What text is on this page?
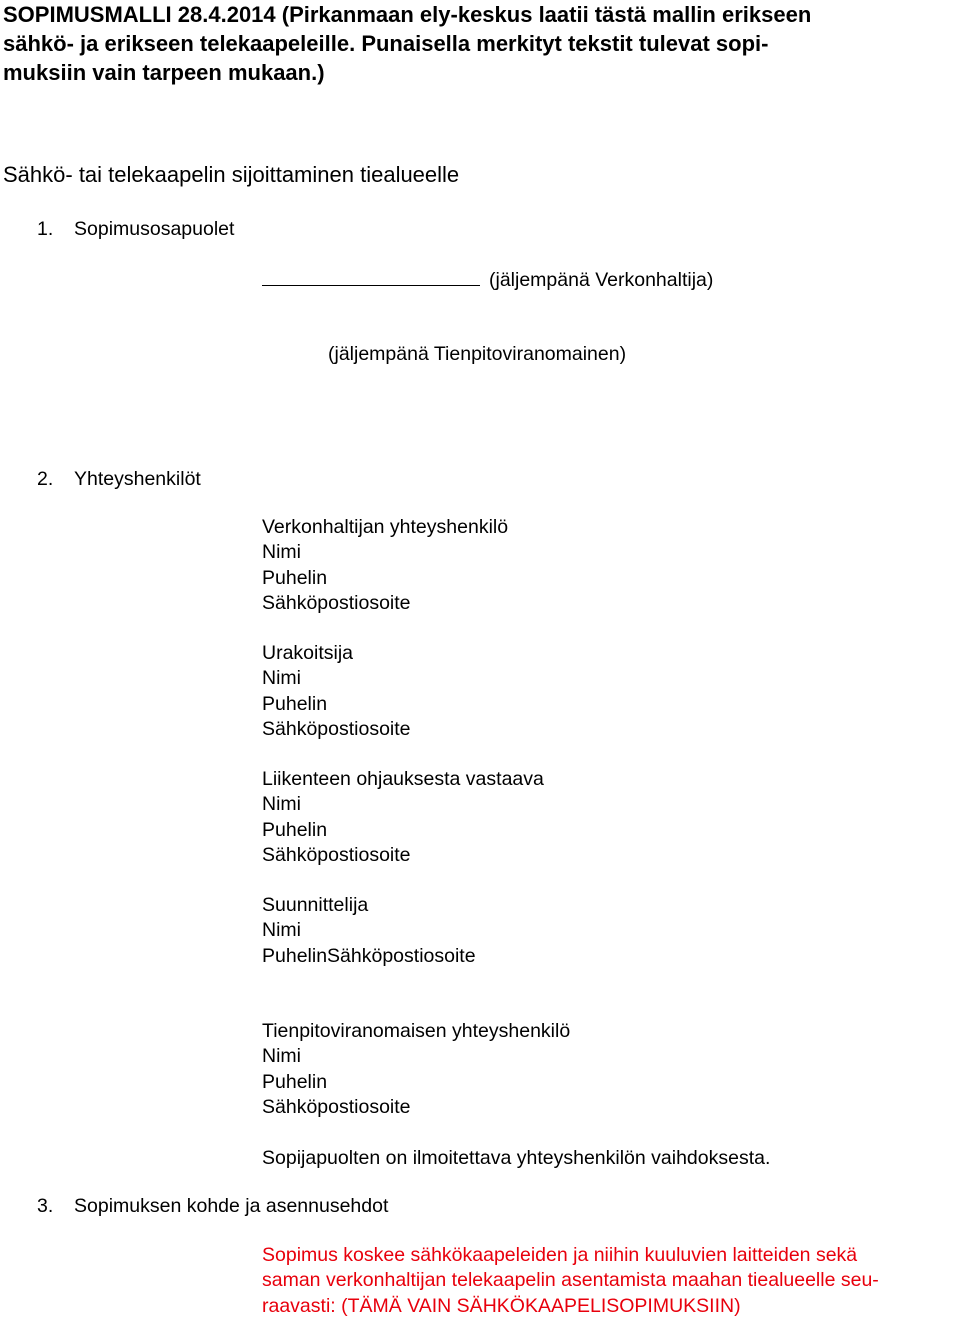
SOPIMUSMALLI 28.4.2014 (Pirkanmaan ely-keskus laatii tästä mallin erikseen
sähkö- ja erikseen telekaapeleille. Punaisella merkityt tekstit tulevat sopi-
muksiin vain tarpeen mukaan.)
Sähkö- tai telekaapelin sijoittaminen tiealueelle
1. Sopimusosapuolet
(jäljempänä Verkonhaltija)
(jäljempänä Tienpitoviranomainen)
2. Yhteyshenkilöt
Verkonhaltijan yhteyshenkilö
Nimi
Puhelin
Sähköpostiosoite
Urakoitsija
Nimi
Puhelin
Sähköpostiosoite
Liikenteen ohjauksesta vastaava
Nimi
Puhelin
Sähköpostiosoite
Suunnittelija
Nimi
PuhelinSähköpostiosoite
Tienpitoviranomaisen yhteyshenkilö
Nimi
Puhelin
Sähköpostiosoite
Sopijapuolten on ilmoitettava yhteyshenkilön vaihdoksesta.
3. Sopimuksen kohde ja asennusehdot
Sopimus koskee sähkökaapeleiden ja niihin kuuluvien laitteiden sekä
saman verkonhaltijan telekaapelin asentamista maahan tiealueelle seu-
raavasti: (TÄMÄ VAIN SÄHKÖKAAPELISOPIMUKSIIN)
